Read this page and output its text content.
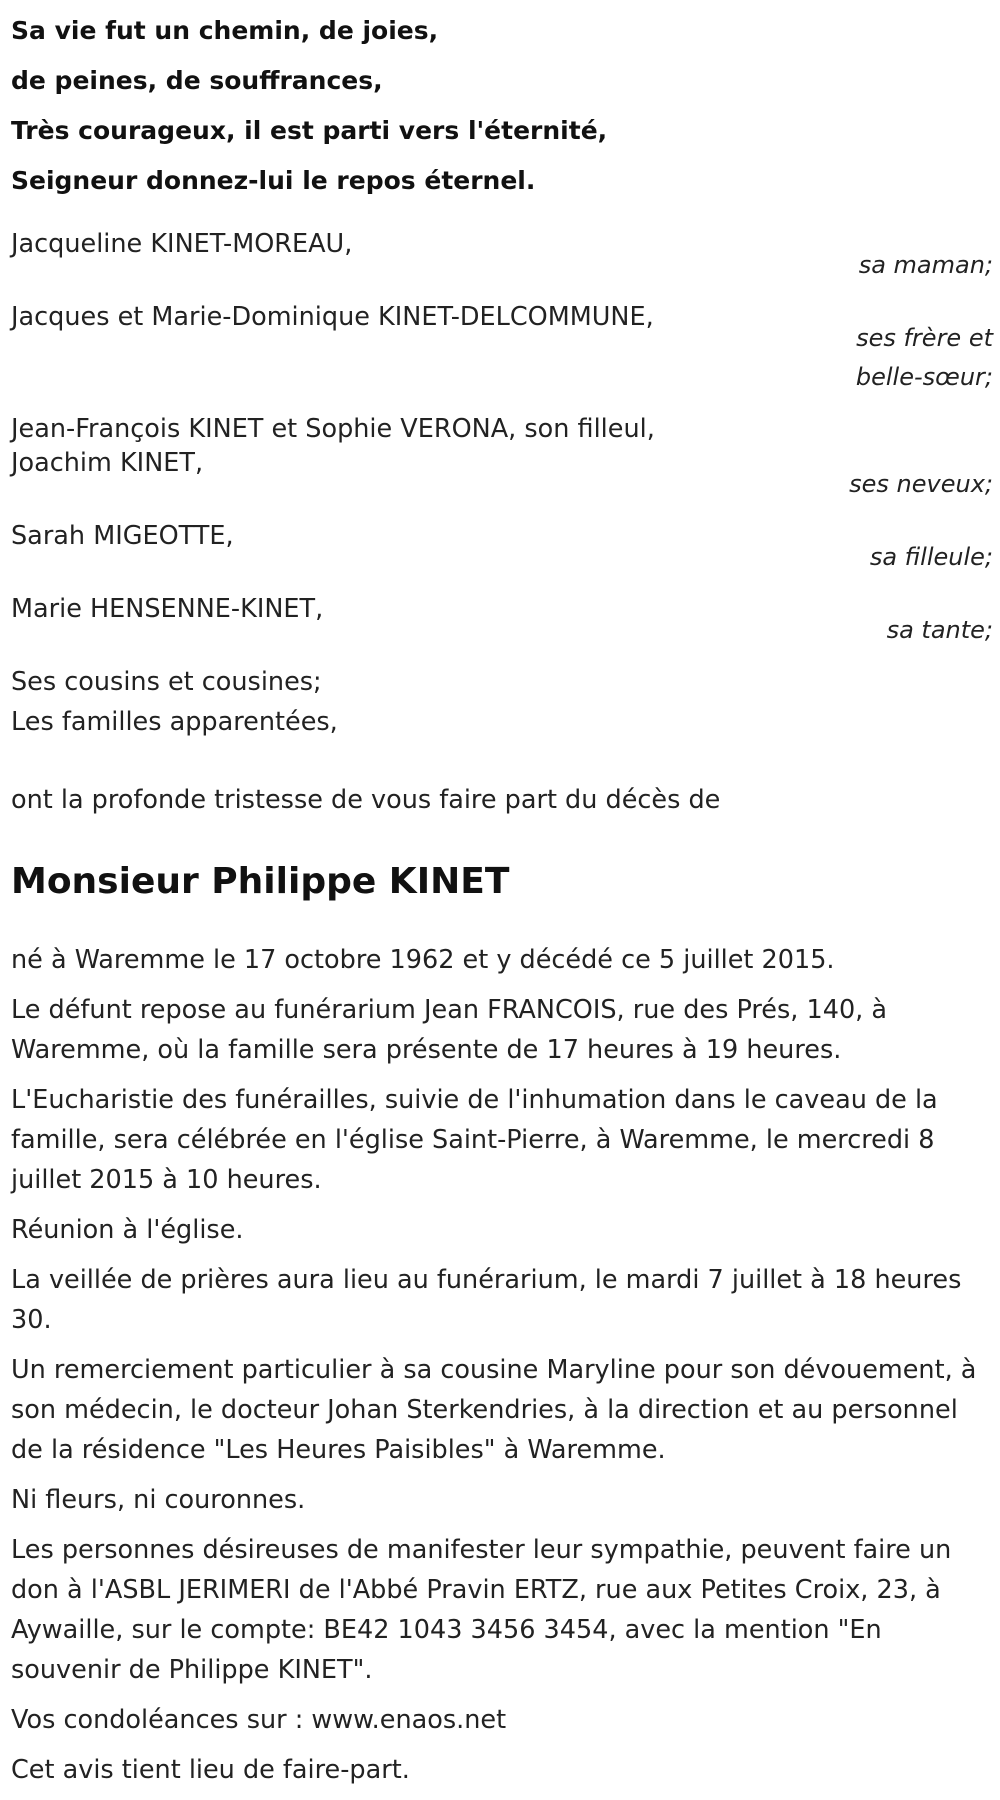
Sa vie fut un chemin, de joies,

de peines, de souffrances,

Très courageux, il est parti vers l'éternité,

Seigneur donnez-lui le repos éternel.

Jacqueline KINET-MOREAU,

sa maman;

Jacques et Marie-Dominique KINET-DELCOMMUNE,

ses frère et
belle-sœur;

Jean-François KINET et Sophie VERONA, son filleul,

Joachim KINET,

ses neveux;

Sarah MIGEOTTE,

sa filleule;

Marie HENSENNE-KINET,

sa tante;

Ses cousins et cousines;

Les familles apparentées,

ont la profonde tristesse de vous faire part du décès de

Monsieur Philippe KINET

né à Waremme le 17 octobre 1962 et y décédé ce 5 juillet 2015.

Le défunt repose au funérarium Jean FRANCOIS, rue des Prés, 140, à Waremme, où la famille sera présente de 17 heures à 19 heures.

L'Eucharistie des funérailles, suivie de l'inhumation dans le caveau de la famille, sera célébrée en l'église Saint-Pierre, à Waremme, le mercredi 8 juillet 2015 à 10 heures.

Réunion à l'église.

La veillée de prières aura lieu au funérarium, le mardi 7 juillet à 18 heures 30.

Un remerciement particulier à sa cousine Maryline pour son dévouement, à son médecin, le docteur Johan Sterkendries, à la direction et au personnel de la résidence "Les Heures Paisibles" à Waremme.

Ni fleurs, ni couronnes.

Les personnes désireuses de manifester leur sympathie, peuvent faire un don à l'ASBL JERIMERI de l'Abbé Pravin ERTZ, rue aux Petites Croix, 23, à Aywaille, sur le compte: BE42 1043 3456 3454, avec la mention "En souvenir de Philippe KINET".

Vos condoléances sur : www.enaos.net

Cet avis tient lieu de faire-part.
